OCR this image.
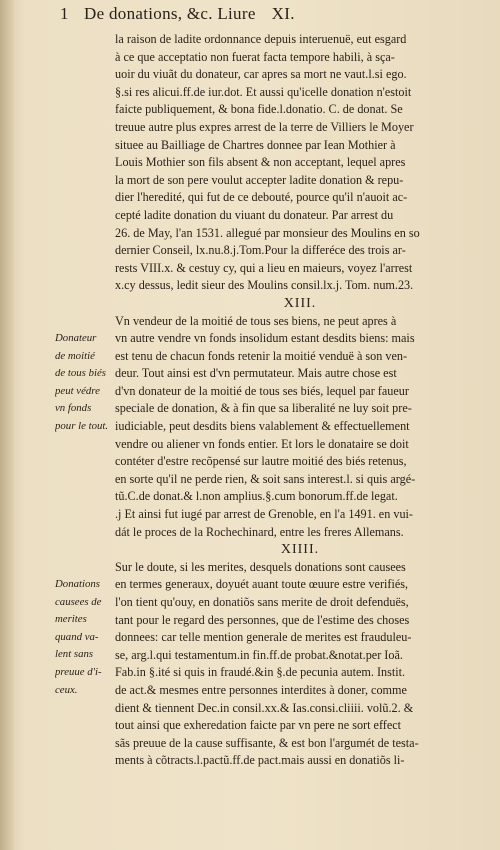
1 De donations, &c. Liure XI.
la raison de ladite ordonnance depuis interuenuë, eut esgard
à ce que acceptatio non fuerat facta tempore habili, à sça-
uoir du viuãt du donateur, car apres sa mort ne vaut.l.si ego.
§.si res alicui.ff.de iur.dot. Et aussi qu'icelle donation n'estoit
faicte publiquement, & bona fide.l.donatio. C. de donat. Se
treuue autre plus expres arrest de la terre de Villiers le Moyer
situee au Bailliage de Chartres donnee par Iean Mothier à
Louis Mothier son fils absent & non acceptant, lequel apres
la mort de son pere voulut accepter ladite donation & repu-
dier l'heredité, qui fut de ce debouté, pource qu'il n'auoit ac-
cepté ladite donation du viuant du donateur. Par arrest du
26. de May, l'an 1531. allegué par monsieur des Moulins en so
dernier Conseil, lx.nu.8.j.Tom.Pour la differéce des trois ar-
rests VIII.x. & cestuy cy, qui a lieu en maieurs, voyez l'arrest
x.cy dessus, ledit sieur des Moulins consil.lx.j. Tom. num.23.
XIII.
Vn vendeur de la moitié de tous ses biens, ne peut apres à
vn autre vendre vn fonds insolidum estant desdits biens: mais
est tenu de chacun fonds retenir la moitié venduë à son ven-
deur. Tout ainsi est d'vn permutateur. Mais autre chose est
d'vn donateur de la moitié de tous ses biés, lequel par faueur
speciale de donation, & à fin que sa liberalité ne luy soit pre-
iudiciable, peut desdits biens valablement & effectuellement
vendre ou aliener vn fonds entier. Et lors le donataire se doit
contéter d'estre recõpensé sur lautre moitié des biés retenus,
en sorte qu'il ne perde rien, & soit sans interest.l. si quis argé-
tũ.C.de donat.& l.non amplius.§.cum bonorum.ff.de legat.
.j Et ainsi fut iugé par arrest de Grenoble, en l'a 1491. en vui-
dát le proces de la Rochechinard, entre les freres Allemans.
XIIII.
Sur le doute, si les merites, desquels donations sont causees
en termes generaux, doyuét auant toute œuure estre verifiés,
l'on tient qu'ouy, en donatiõs sans merite de droit defenduës,
tant pour le regard des personnes, que de l'estime des choses
donnees: car telle mention generale de merites est frauduleu-
se, arg.l.qui testamentum.in fin.ff.de probat.&notat.per Ioã.
Fab.in §.ité si quis in fraudé.&in §.de pecunia autem. Instit.
de act.& mesmes entre personnes interdites à doner, comme
dient & tiennent Dec.in consil.xx.& Ias.consi.cliiii. volũ.2. &
tout ainsi que exheredation faicte par vn pere ne sort effect
sãs preuue de la cause suffisante, & est bon l'argumét de testa-
ments à cõtracts.l.pactũ.ff.de pact.mais aussi en donatiõs li-
Donateur
de moitié
de tous biés
peut védre
vn fonds
pour le tout.
Donations
causees de
merites
quand va-
lent sans
preuue d'i-
ceux.
